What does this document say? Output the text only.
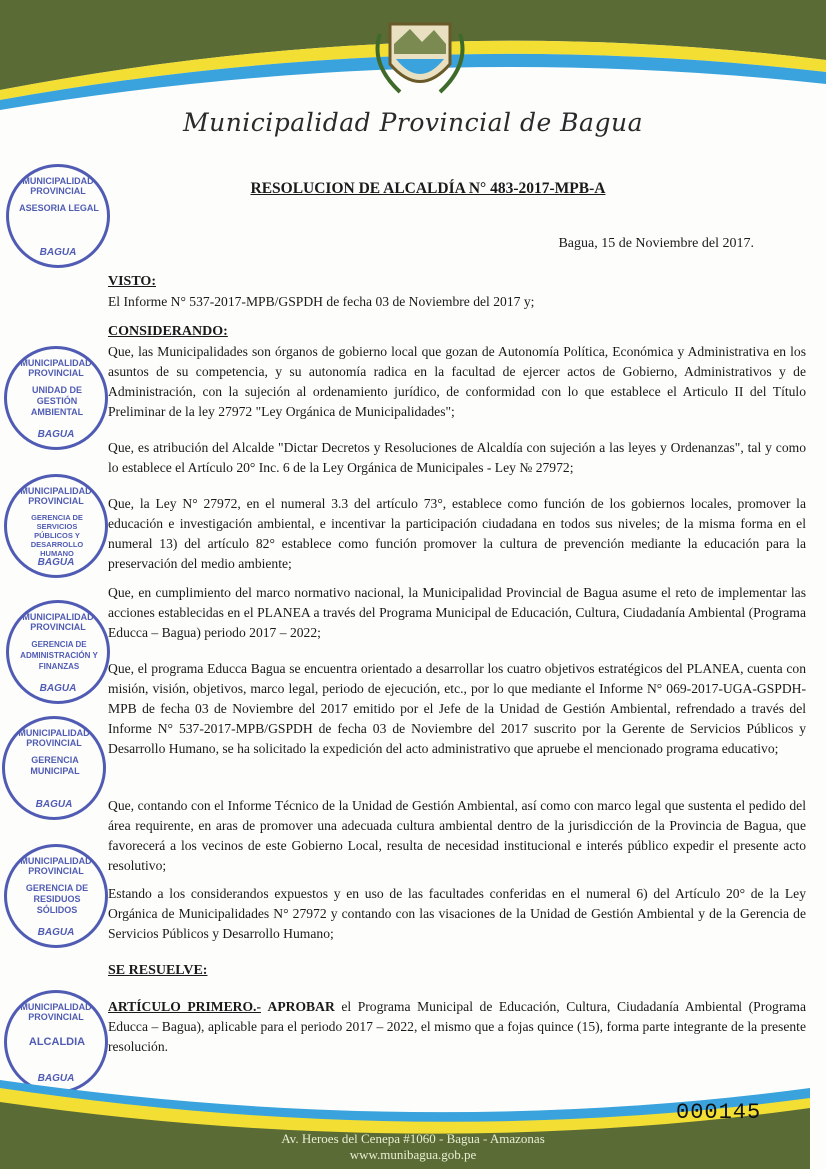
Municipalidad Provincial de Bagua
RESOLUCION DE ALCALDÍA N° 483-2017-MPB-A
Bagua, 15 de Noviembre del 2017.
VISTO:
El Informe N° 537-2017-MPB/GSPDH de fecha 03 de Noviembre del 2017 y;
CONSIDERANDO:
Que, las Municipalidades son órganos de gobierno local que gozan de Autonomía Política, Económica y Administrativa en los asuntos de su competencia, y su autonomía radica en la facultad de ejercer actos de Gobierno, Administrativos y de Administración, con la sujeción al ordenamiento jurídico, de conformidad con lo que establece el Articulo II del Título Preliminar de la ley 27972 "Ley Orgánica de Municipalidades";
Que, es atribución del Alcalde "Dictar Decretos y Resoluciones de Alcaldía con sujeción a las leyes y Ordenanzas", tal y como lo establece el Artículo 20° Inc. 6 de la Ley Orgánica de Municipales - Ley № 27972;
Que, la Ley N° 27972, en el numeral 3.3 del artículo 73°, establece como función de los gobiernos locales, promover la educación e investigación ambiental, e incentivar la participación ciudadana en todos sus niveles; de la misma forma en el numeral 13) del artículo 82° establece como función promover la cultura de prevención mediante la educación para la preservación del medio ambiente;
Que, en cumplimiento del marco normativo nacional, la Municipalidad Provincial de Bagua asume el reto de implementar las acciones establecidas en el PLANEA a través del Programa Municipal de Educación, Cultura, Ciudadanía Ambiental (Programa Educca – Bagua) periodo 2017 – 2022;
Que, el programa Educca Bagua se encuentra orientado a desarrollar los cuatro objetivos estratégicos del PLANEA, cuenta con misión, visión, objetivos, marco legal, periodo de ejecución, etc., por lo que mediante el Informe N° 069-2017-UGA-GSPDH-MPB de fecha 03 de Noviembre del 2017 emitido por el Jefe de la Unidad de Gestión Ambiental, refrendado a través del Informe N° 537-2017-MPB/GSPDH de fecha 03 de Noviembre del 2017 suscrito por la Gerente de Servicios Públicos y Desarrollo Humano, se ha solicitado la expedición del acto administrativo que apruebe el mencionado programa educativo;
Que, contando con el Informe Técnico de la Unidad de Gestión Ambiental, así como con marco legal que sustenta el pedido del área requirente, en aras de promover una adecuada cultura ambiental dentro de la jurisdicción de la Provincia de Bagua, que favorecerá a los vecinos de este Gobierno Local, resulta de necesidad institucional e interés público expedir el presente acto resolutivo;
Estando a los considerandos expuestos y en uso de las facultades conferidas en el numeral 6) del Artículo 20° de la Ley Orgánica de Municipalidades N° 27972 y contando con las visaciones de la Unidad de Gestión Ambiental y de la Gerencia de Servicios Públicos y Desarrollo Humano;
SE RESUELVE:
ARTÍCULO PRIMERO.- APROBAR el Programa Municipal de Educación, Cultura, Ciudadanía Ambiental (Programa Educca – Bagua), aplicable para el periodo 2017 – 2022, el mismo que a fojas quince (15), forma parte integrante de la presente resolución.
MUNICIPALIDAD PROVINCIAL
ASESORIA LEGAL
BAGUA
MUNICIPALIDAD PROVINCIAL
UNIDAD DE GESTIÓN AMBIENTAL
BAGUA
MUNICIPALIDAD PROVINCIAL
GERENCIA DE SERVICIOS PÚBLICOS Y DESARROLLO HUMANO
BAGUA
MUNICIPALIDAD PROVINCIAL
GERENCIA DE ADMINISTRACIÓN Y FINANZAS
BAGUA
MUNICIPALIDAD PROVINCIAL
GERENCIA MUNICIPAL
BAGUA
MUNICIPALIDAD PROVINCIAL
GERENCIA DE RESIDUOS SÓLIDOS
BAGUA
MUNICIPALIDAD PROVINCIAL
ALCALDIA
BAGUA
000145
Av. Heroes del Cenepa #1060 - Bagua - Amazonas
www.munibagua.gob.pe
